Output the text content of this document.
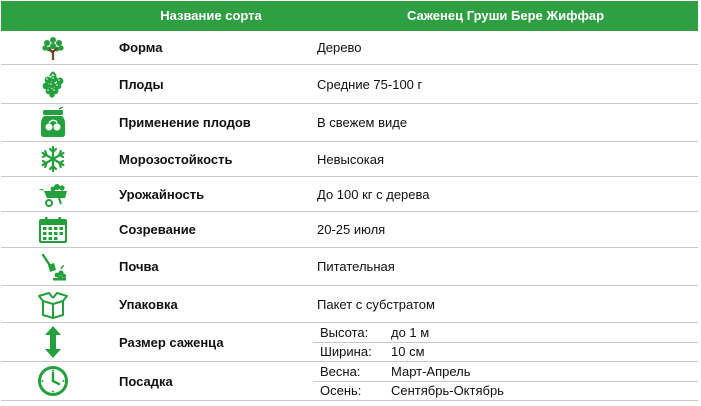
Название сорта	Саженец Груши Бере Жиффар
Форма	Дерево
Плоды	Средние 75-100 г
Применение плодов	В свежем виде
Морозостойкость	Невысокая
Урожайность	До 100 кг с дерева
Созревание	20-25 июля
Почва	Питательная
Упаковка	Пакет с субстратом
Размер саженца
Высота: до 1 м
Ширина: 10 см
Посадка
Весна: Март-Апрель
Осень: Сентябрь-Октябрь
